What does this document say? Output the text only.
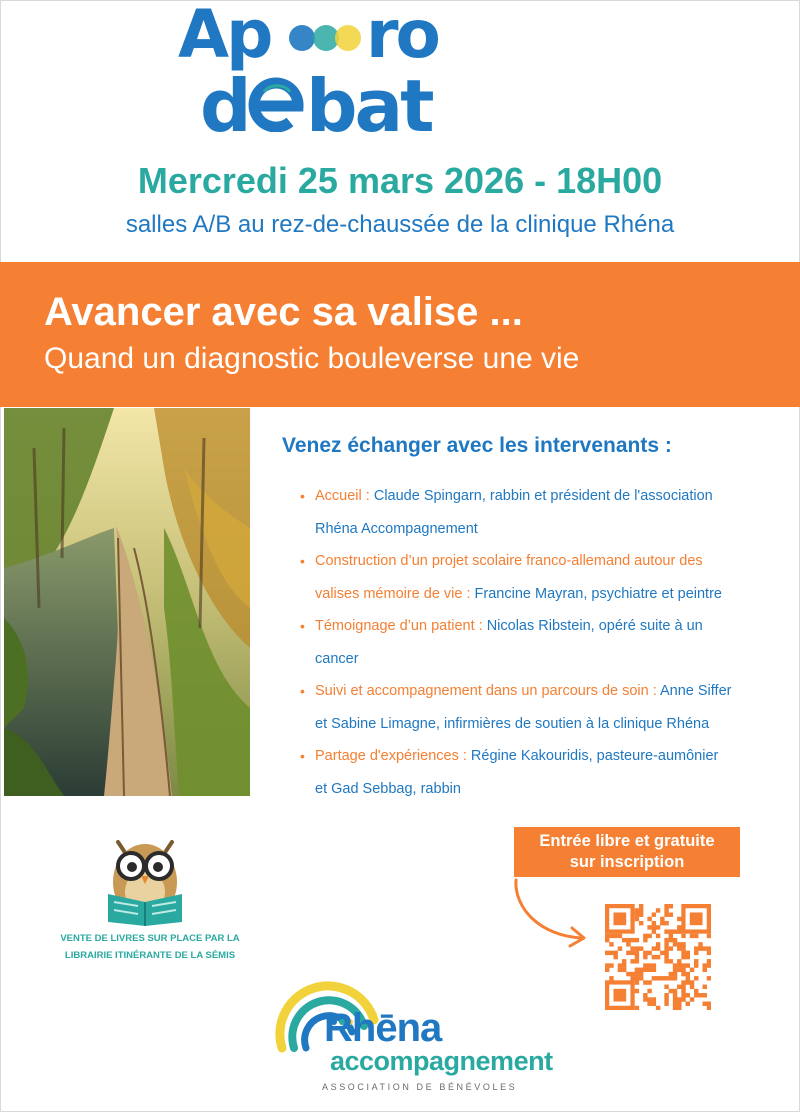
Ap ro
d bat
Mercredi 25 mars 2026 - 18H00
salles A/B au rez-de-chaussée de la clinique Rhéna
Avancer avec sa valise ...
Quand un diagnostic bouleverse une vie
Venez échanger avec les intervenants :
• Accueil : Claude Spingarn, rabbin et président de l'association
Rhéna Accompagnement
• Construction d’un projet scolaire franco-allemand autour des
valises mémoire de vie : Francine Mayran, psychiatre et peintre
• Témoignage d’un patient : Nicolas Ribstein, opéré suite à un
cancer
• Suivi et accompagnement dans un parcours de soin : Anne Siffer
et Sabine Limagne, infirmières de soutien à la clinique Rhéna
• Partage d'expériences : Régine Kakouridis, pasteure-aumônier
et Gad Sebbag, rabbin
VENTE DE LIVRES SUR PLACE PAR LA
LIBRAIRIE ITINÉRANTE DE LA SÉMIS
Entrée libre et gratuite
sur inscription
Rhēna
accompagnement
ASSOCIATION DE BÉNÉVOLES
